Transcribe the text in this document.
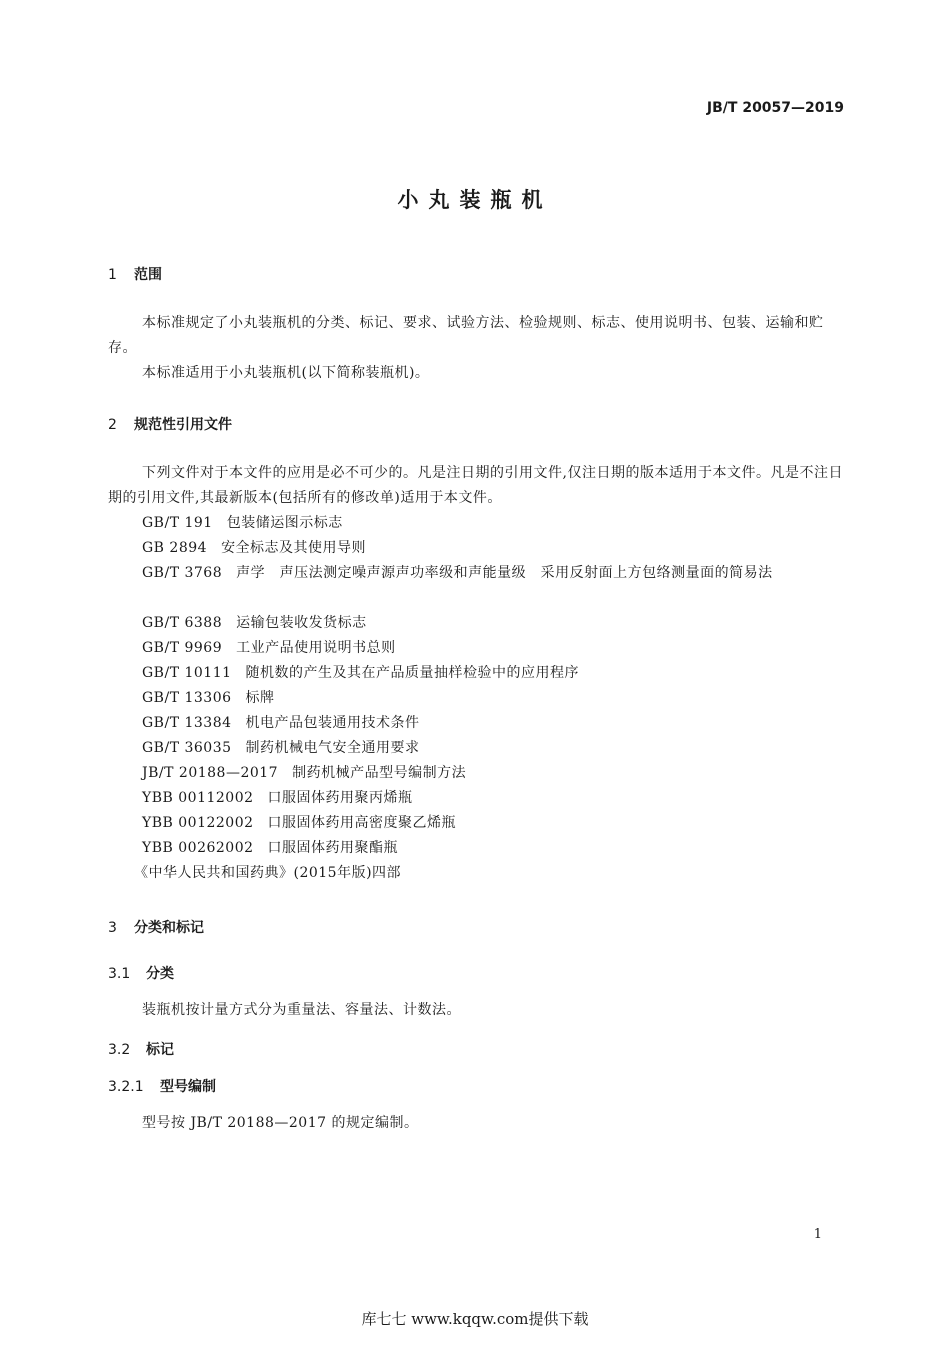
JB/T 20057—2019
小丸装瓶机
1 范围
本标准规定了小丸装瓶机的分类、标记、要求、试验方法、检验规则、标志、使用说明书、包装、运输和贮存。
本标准适用于小丸装瓶机(以下简称装瓶机)。
2 规范性引用文件
下列文件对于本文件的应用是必不可少的。凡是注日期的引用文件,仅注日期的版本适用于本文件。凡是不注日期的引用文件,其最新版本(包括所有的修改单)适用于本文件。
GB/T 191 包装储运图示标志
GB 2894 安全标志及其使用导则
GB/T 3768 声学　声压法测定噪声源声功率级和声能量级　采用反射面上方包络测量面的简易法
GB/T 6388 运输包装收发货标志
GB/T 9969 工业产品使用说明书总则
GB/T 10111 随机数的产生及其在产品质量抽样检验中的应用程序
GB/T 13306 标牌
GB/T 13384 机电产品包装通用技术条件
GB/T 36035 制药机械电气安全通用要求
JB/T 20188—2017 制药机械产品型号编制方法
YBB 00112002 口服固体药用聚丙烯瓶
YBB 00122002 口服固体药用高密度聚乙烯瓶
YBB 00262002 口服固体药用聚酯瓶
《中华人民共和国药典》(2015年版)四部
3 分类和标记
3.1 分类
装瓶机按计量方式分为重量法、容量法、计数法。
3.2 标记
3.2.1 型号编制
型号按 JB/T 20188—2017 的规定编制。
1
库七七 www.kqqw.com提供下载
